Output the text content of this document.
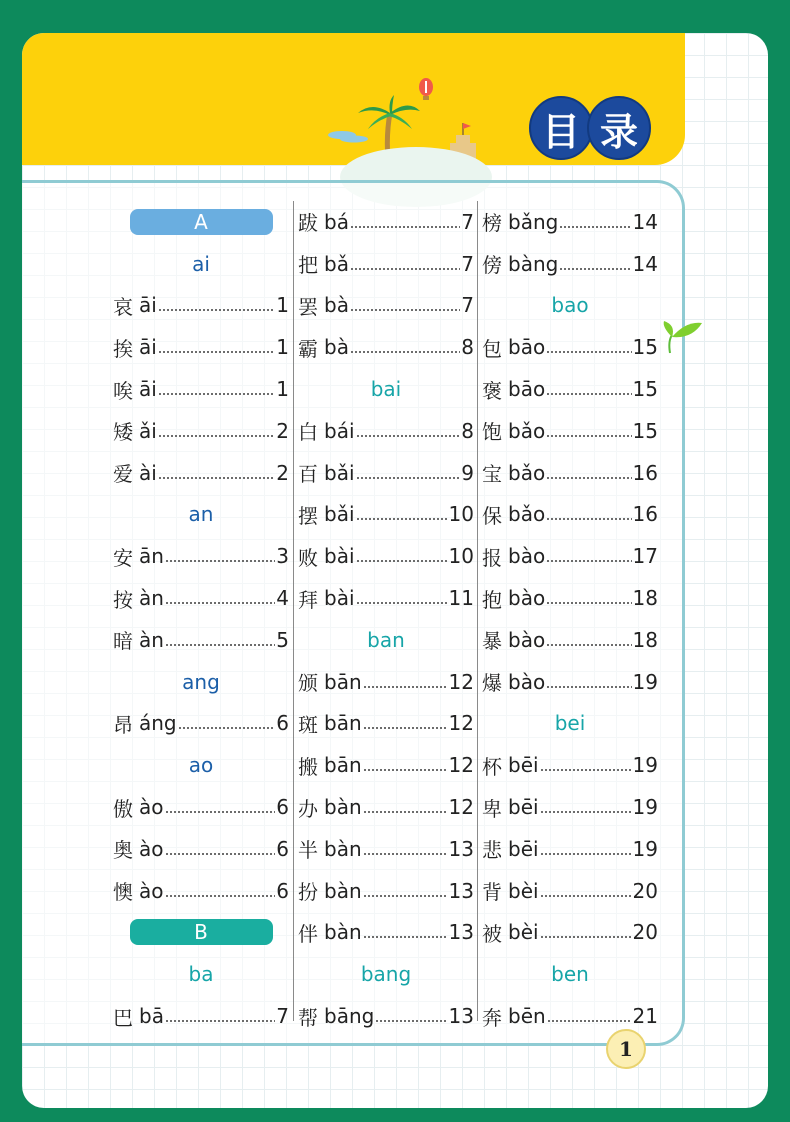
目 录
A
ai
哀 āi	1
挨 āi	1
唉 āi	1
矮 ǎi	2
爱 ài	2
an
安 ān	3
按 àn	4
暗 àn	5
ang
昂 áng	6
ao
傲 ào	6
奥 ào	6
懊 ào	6
B
ba
巴 bā	7
跋 bá	7
把 bǎ	7
罢 bà	7
霸 bà	8
bai
白 bái	8
百 bǎi	9
摆 bǎi	10
败 bài	10
拜 bài	11
ban
颁 bān	12
斑 bān	12
搬 bān	12
办 bàn	12
半 bàn	13
扮 bàn	13
伴 bàn	13
bang
帮 bāng	13
榜 bǎng	14
傍 bàng	14
bao
包 bāo	15
褒 bāo	15
饱 bǎo	15
宝 bǎo	16
保 bǎo	16
报 bào	17
抱 bào	18
暴 bào	18
爆 bào	19
bei
杯 bēi	19
卑 bēi	19
悲 bēi	19
背 bèi	20
被 bèi	20
ben
奔 bēn	21
1
